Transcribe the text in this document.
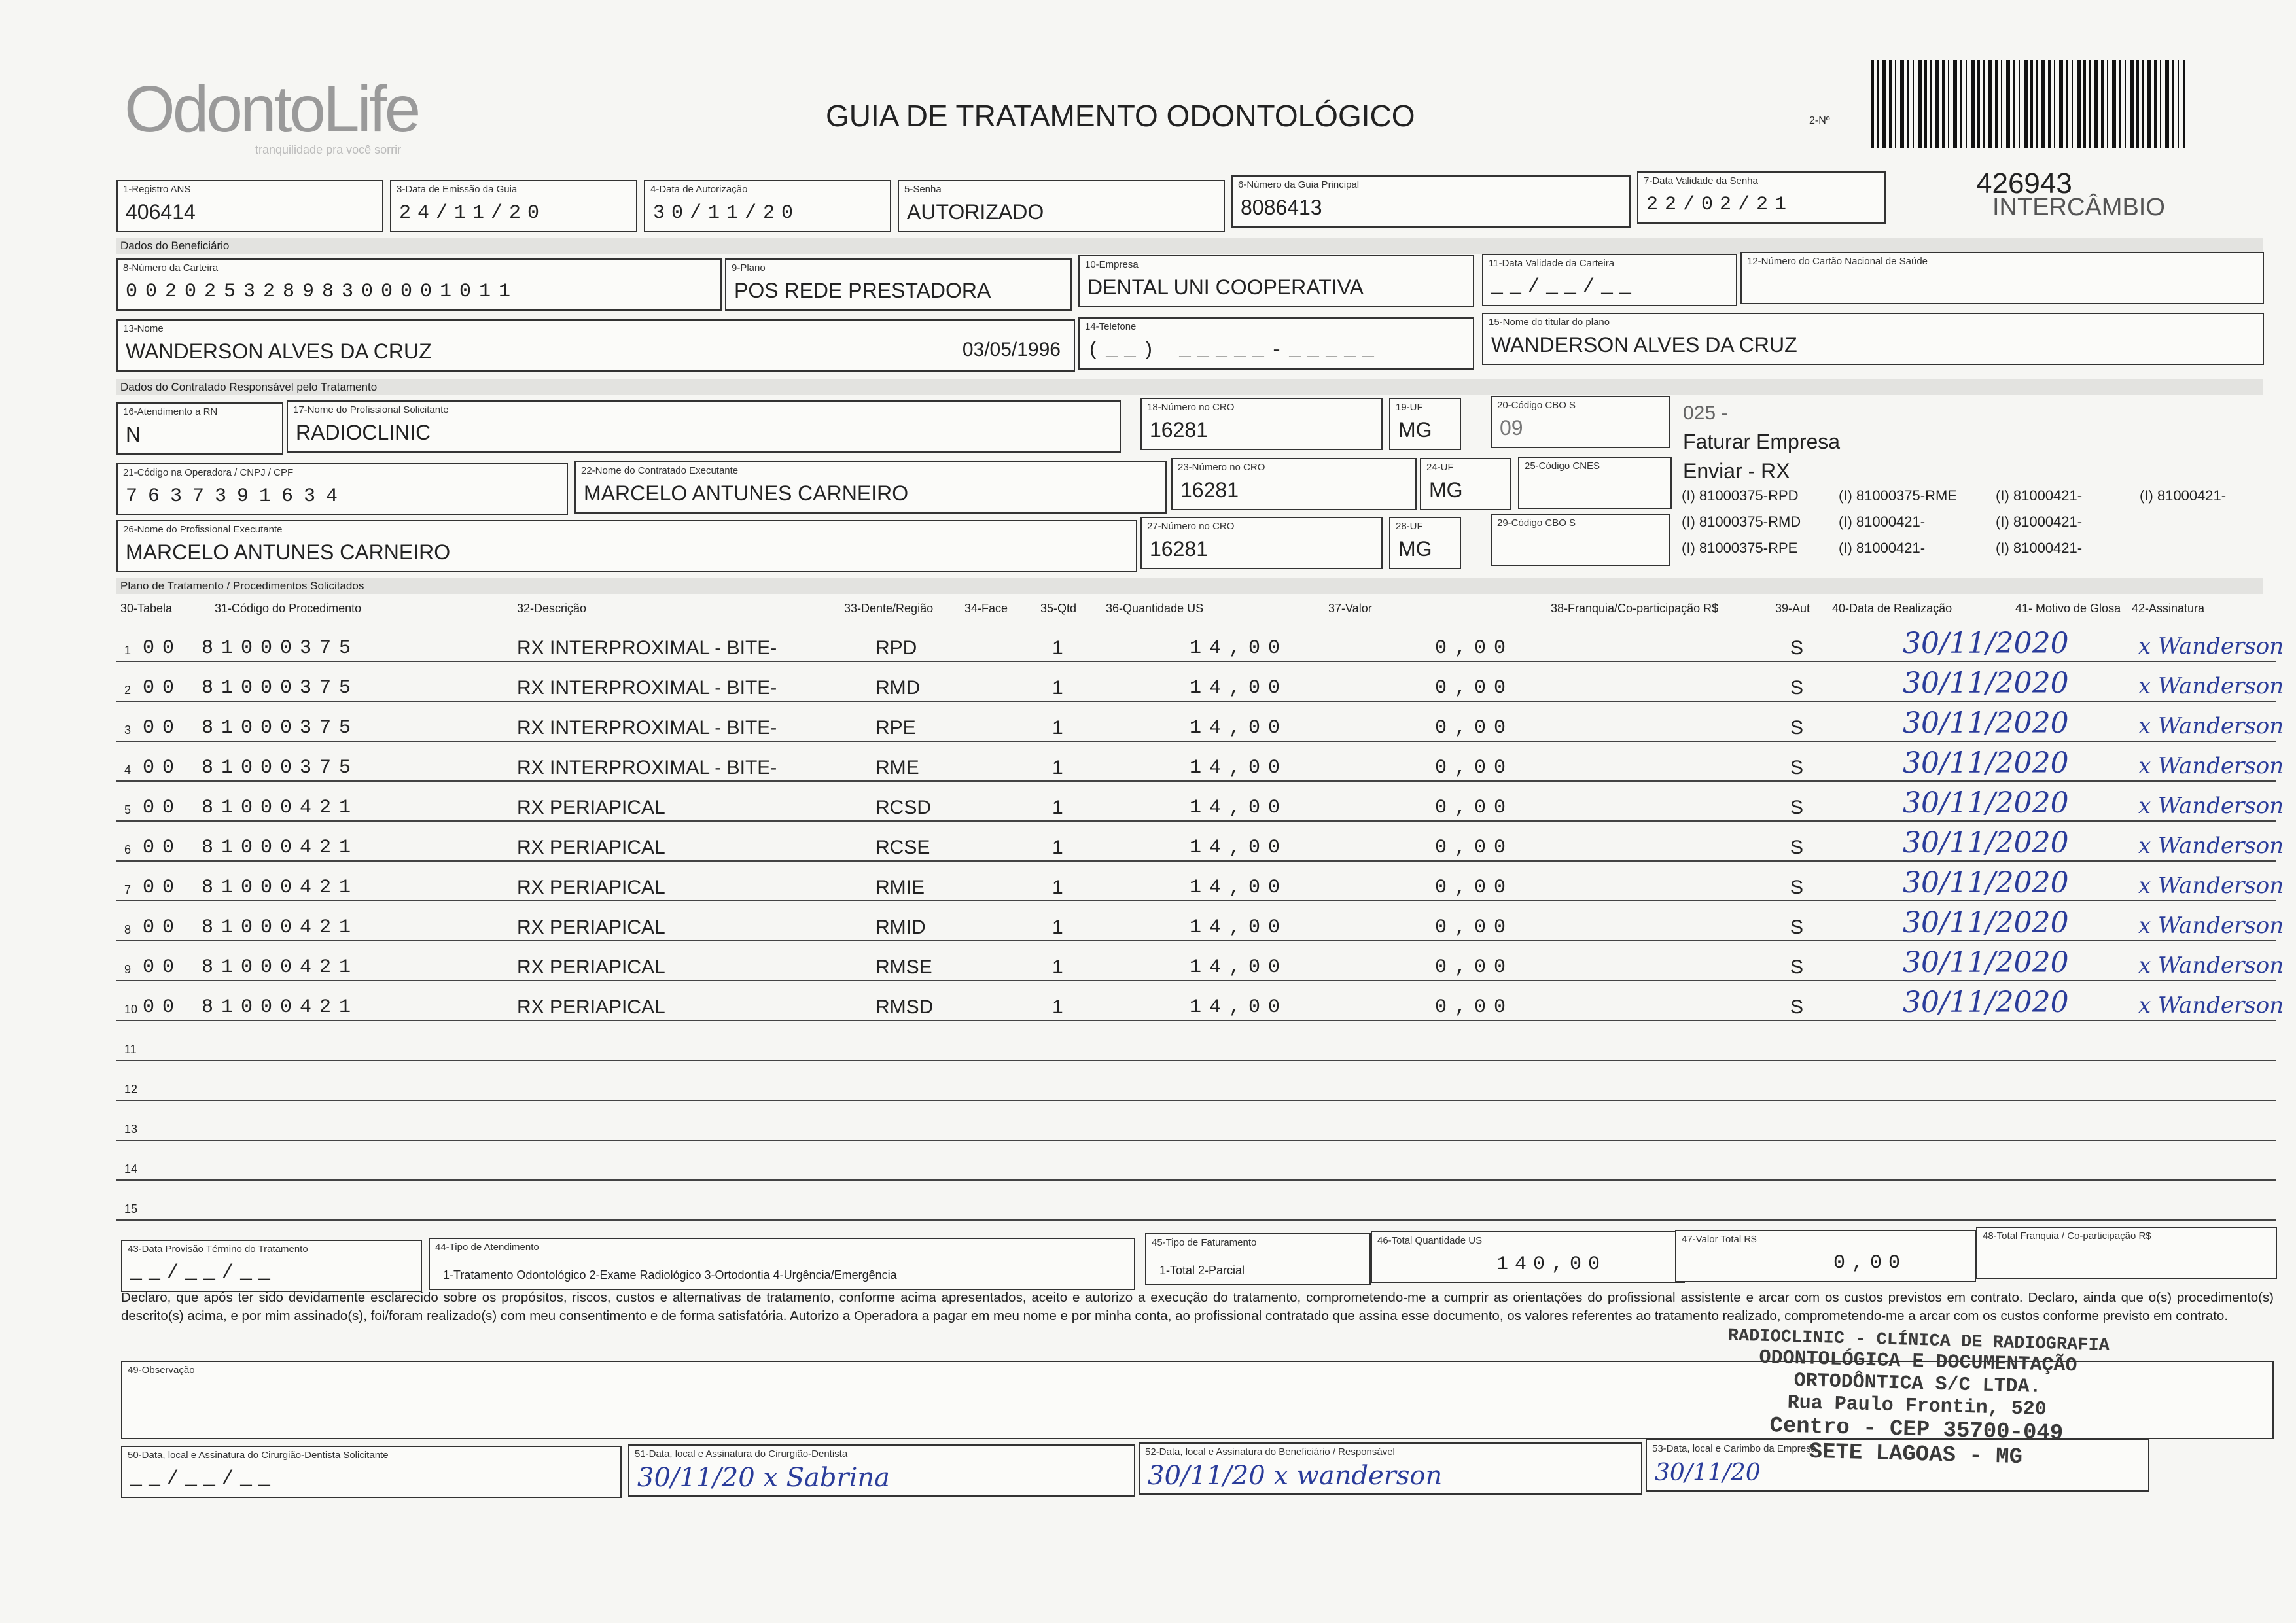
OdontoLife
tranquilidade pra você sorrir
GUIA DE TRATAMENTO ODONTOLÓGICO	2-Nº
426943
INTERCÂMBIO
1-Registro ANS
406414
3-Data de Emissão da Guia
24/11/20
4-Data de Autorização
30/11/20
5-Senha
AUTORIZADO
6-Número da Guia Principal
8086413
7-Data Validade da Senha
22/02/21
Dados do Beneficiário
8-Número da Carteira
00202532898300001011
9-Plano
POS REDE PRESTADORA
10-Empresa
DENTAL UNI COOPERATIVA
11-Data Validade da Carteira
__/__/__
12-Número do Cartão Nacional de Saúde
13-Nome
WANDERSON ALVES DA CRUZ	03/05/1996
14-Telefone
(__) _____-_____
15-Nome do titular do plano
WANDERSON ALVES DA CRUZ
Dados do Contratado Responsável pelo Tratamento
16-Atendimento a RN
N
17-Nome do Profissional Solicitante
RADIOCLINIC
18-Número no CRO
16281
19-UF
MG
20-Código CBO S
09
21-Código na Operadora / CNPJ / CPF
7637391634
22-Nome do Contratado Executante
MARCELO ANTUNES CARNEIRO
23-Número no CRO
16281
24-UF
MG
25-Código CNES
26-Nome do Profissional Executante
MARCELO ANTUNES CARNEIRO
27-Número no CRO
16281
28-UF
MG
29-Código CBO S
025 -
Faturar Empresa
Enviar - RX
(I) 81000375-RPD	(I) 81000375-RME	(I) 81000421-	(I) 81000421-
(I) 81000375-RMD	(I) 81000421-	(I) 81000421-
(I) 81000375-RPE	(I) 81000421-	(I) 81000421-
Plano de Tratamento / Procedimentos Solicitados
30-Tabela	31-Código do Procedimento	32-Descrição	33-Dente/Região	34-Face	35-Qtd 36-Quantidade US	37-Valor	38-Franquia/Co-participação R$	39-Aut 40-Data de Realização	41- Motivo de Glosa 42-Assinatura
1 00 81000375	RX INTERPROXIMAL - BITE-	RPD	1	14,00	0,00	S	30/11/2020	x Wanderson
2 00 81000375	RX INTERPROXIMAL - BITE-	RMD	1	14,00	0,00	S	30/11/2020	x Wanderson
3 00 81000375	RX INTERPROXIMAL - BITE-	RPE	1	14,00	0,00	S	30/11/2020	x Wanderson
4 00 81000375	RX INTERPROXIMAL - BITE-	RME	1	14,00	0,00	S	30/11/2020	x Wanderson
5 00 81000421	RX PERIAPICAL	RCSD	1	14,00	0,00	S	30/11/2020	x Wanderson
6 00 81000421	RX PERIAPICAL	RCSE	1	14,00	0,00	S	30/11/2020	x Wanderson
7 00 81000421	RX PERIAPICAL	RMIE	1	14,00	0,00	S	30/11/2020	x Wanderson
8 00 81000421	RX PERIAPICAL	RMID	1	14,00	0,00	S	30/11/2020	x Wanderson
9 00 81000421	RX PERIAPICAL	RMSE	1	14,00	0,00	S	30/11/2020	x Wanderson
10 00 81000421	RX PERIAPICAL	RMSD	1	14,00	0,00	S	30/11/2020	x Wanderson
11
12
13
14
15
43-Data Provisão Término do Tratamento
__/__/__
44-Tipo de Atendimento
1-Tratamento Odontológico 2-Exame Radiológico 3-Ortodontia 4-Urgência/Emergência
45-Tipo de Faturamento
1-Total 2-Parcial
46-Total Quantidade US
140,00
47-Valor Total R$
0,00
48-Total Franquia / Co-participação R$
Declaro, que após ter sido devidamente esclarecido sobre os propósitos, riscos, custos e alternativas de tratamento, conforme acima apresentados, aceito e autorizo a execução do tratamento, comprometendo-me a cumprir as orientações do profissional assistente e arcar com os custos previstos em contrato. Declaro, ainda que o(s) procedimento(s) descrito(s) acima, e por mim assinado(s), foi/foram realizado(s) com meu consentimento e de forma satisfatória. Autorizo a Operadora a pagar em meu nome e por minha conta, ao profissional contratado que assina esse documento, os valores referentes ao tratamento realizado, comprometendo-me a arcar com os custos conforme previsto em contrato.
49-Observação
50-Data, local e Assinatura do Cirurgião-Dentista Solicitante
__/__/__
51-Data, local e Assinatura do Cirurgião-Dentista
30/11/20 x Sabrina
52-Data, local e Assinatura do Beneficiário / Responsável
30/11/20 x wanderson
53-Data, local e Carimbo da Empresa
30/11/20
RADIOCLINIC - CLÍNICA DE RADIOGRAFIA
ODONTOLÓGICA E DOCUMENTAÇÃO
ORTODÔNTICA S/C LTDA.
Rua Paulo Frontin, 520
Centro - CEP 35700-049
SETE LAGOAS - MG
